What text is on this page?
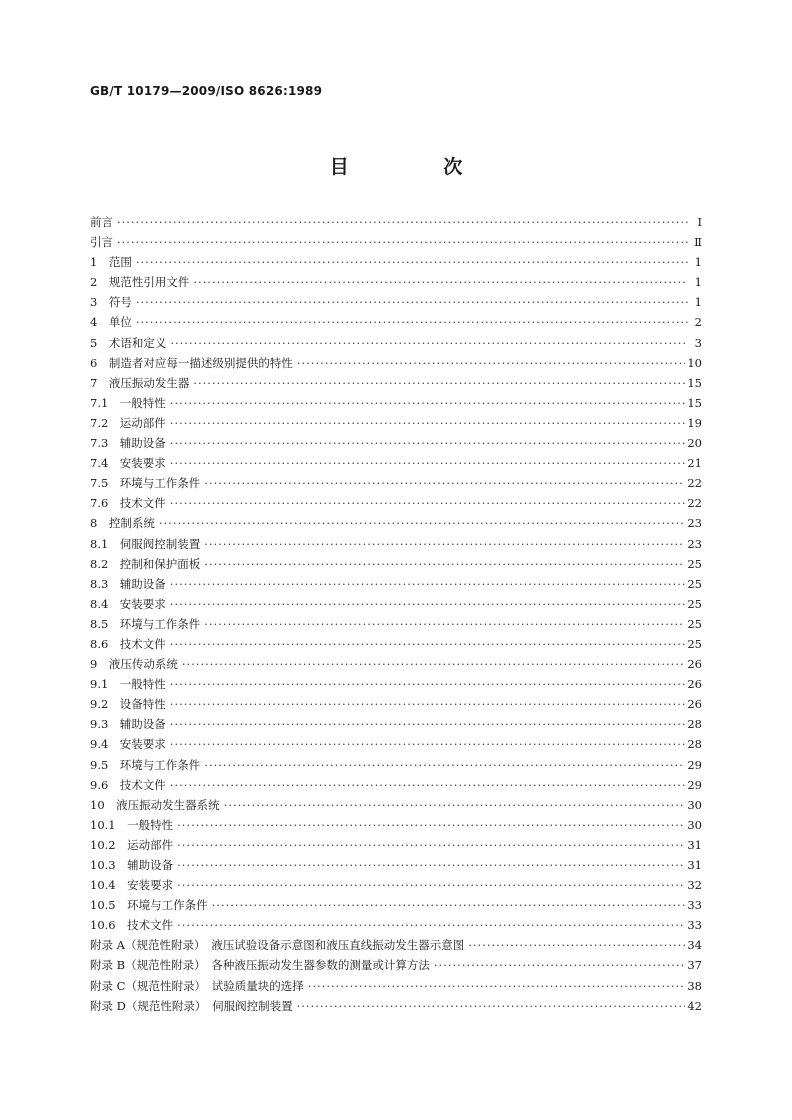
GB/T 10179—2009/ISO 8626:1989
目 次
前言 ·····	Ⅰ
引言 ·····	Ⅱ
1　范围 ·····	1
2　规范性引用文件 ·····	1
3　符号 ·····	1
4　单位 ·····	2
5　术语和定义 ·····	3
6　制造者对应每一描述级别提供的特性 ·····	10
7　液压振动发生器 ·····	15
7.1　一般特性 ·····	15
7.2　运动部件 ·····	19
7.3　辅助设备 ·····	20
7.4　安装要求 ·····	21
7.5　环境与工作条件 ·····	22
7.6　技术文件 ·····	22
8　控制系统 ·····	23
8.1　伺服阀控制装置 ·····	23
8.2　控制和保护面板 ·····	25
8.3　辅助设备 ·····	25
8.4　安装要求 ·····	25
8.5　环境与工作条件 ·····	25
8.6　技术文件 ·····	25
9　液压传动系统 ·····	26
9.1　一般特性 ·····	26
9.2　设备特性 ·····	26
9.3　辅助设备 ·····	28
9.4　安装要求 ·····	28
9.5　环境与工作条件 ·····	29
9.6　技术文件 ·····	29
10　液压振动发生器系统 ·····	30
10.1　一般特性 ·····	30
10.2　运动部件 ·····	31
10.3　辅助设备 ·····	31
10.4　安装要求 ·····	32
10.5　环境与工作条件 ·····	33
10.6　技术文件 ·····	33
附录 A（规范性附录）　液压试验设备示意图和液压直线振动发生器示意图 ·····	34
附录 B（规范性附录）　各种液压振动发生器参数的测量或计算方法 ·····	37
附录 C（规范性附录）　试验质量块的选择 ·····	38
附录 D（规范性附录）　伺服阀控制装置 ·····	42
